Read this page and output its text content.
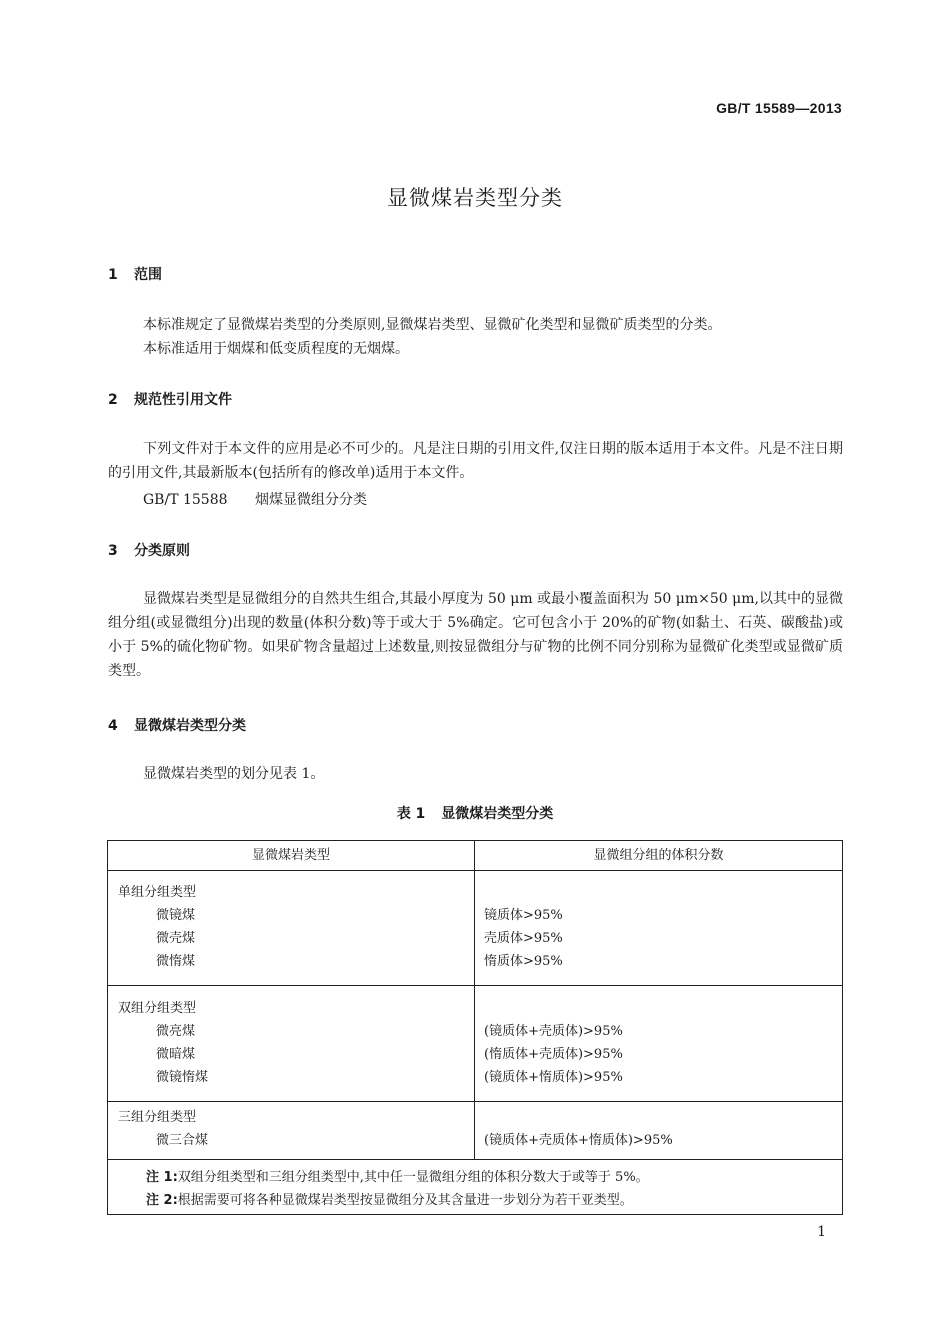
GB/T 15589—2013
显微煤岩类型分类
1 范围

本标准规定了显微煤岩类型的分类原则,显微煤岩类型、显微矿化类型和显微矿质类型的分类。

本标准适用于烟煤和低变质程度的无烟煤。

2 规范性引用文件

下列文件对于本文件的应用是必不可少的。凡是注日期的引用文件,仅注日期的版本适用于本文件。凡是不注日期的引用文件,其最新版本(包括所有的修改单)适用于本文件。

GB/T 15588 烟煤显微组分分类
3 分类原则

显微煤岩类型是显微组分的自然共生组合,其最小厚度为 50 μm 或最小覆盖面积为 50 μm×50 μm,以其中的显微组分组(或显微组分)出现的数量(体积分数)等于或大于 5%确定。它可包含小于 20%的矿物(如黏土、石英、碳酸盐)或小于 5%的硫化物矿物。如果矿物含量超过上述数量,则按显微组分与矿物的比例不同分别称为显微矿化类型或显微矿质类型。

4 显微煤岩类型分类

显微煤岩类型的划分见表 1。

表 1 显微煤岩类型分类
显微煤岩类型	显微组分组的体积分数
单组分组类型
微镜煤
微壳煤
微惰煤
镜质体>95%
壳质体>95%
惰质体>95%
双组分组类型
微亮煤
微暗煤
微镜惰煤
(镜质体+壳质体)>95%
(惰质体+壳质体)>95%
(镜质体+惰质体)>95%
三组分组类型
微三合煤	(镜质体+壳质体+惰质体)>95%
注 1:双组分组类型和三组分组类型中,其中任一显微组分组的体积分数大于或等于 5%。
注 2:根据需要可将各种显微煤岩类型按显微组分及其含量进一步划分为若干亚类型。
1
